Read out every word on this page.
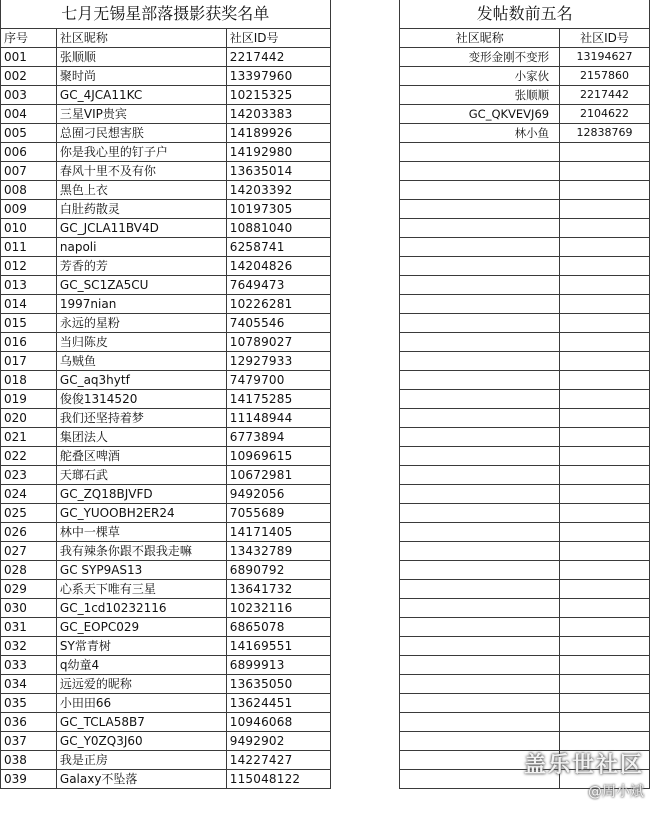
七月无锡星部落摄影获奖名单				发帖数前五名	
序号	社区昵称	社区ID号		社区昵称	社区ID号
001	张顺顺	2217442		变形金刚不变形	13194627
002	聚时尚	13397960		小家伙	2157860
003	GC_4JCA11KC	10215325		张顺顺	2217442
004	三星VIP贵宾	14203383		GC_QKVEVJ69	2104622
005	总囿刁民想害朕	14189926		林小鱼	12838769
006	你是我心里的钉子户	14192980			
007	春风十里不及有你	13635014			
008	黑色上衣	14203392			
009	白肚药散灵	10197305			
010	GC_JCLA11BV4D	10881040			
011	napoli	6258741			
012	芳香的芳	14204826			
013	GC_SC1ZA5CU	7649473			
014	1997nian	10226281			
015	永远的星粉	7405546			
016	当归陈皮	10789027			
017	乌贼鱼	12927933			
018	GC_aq3hytf	7479700			
019	俊俊1314520	14175285			
020	我们还坚持着梦	11148944			
021	集团法人	6773894			
022	舵叠区啤酒	10969615			
023	天瑯石武	10672981			
024	GC_ZQ18BJVFD	9492056			
025	GC_YUOOBH2ER24	7055689			
026	林中一棵草	14171405			
027	我有辣条你跟不跟我走嘛	13432789			
028	GC SYP9AS13	6890792			
029	心系天下唯有三星	13641732			
030	GC_1cd10232116	10232116			
031	GC_EOPC029	6865078			
032	SY常青树	14169551			
033	q幼童4	6899913			
034	远远爱的昵称	13635050			
035	小田田66	13624451			
036	GC_TCLA58B7	10946068			
037	GC_Y0ZQ3J60	9492902			
038	我是正房	14227427			
039	Galaxy不坠落	115048122			
盖乐世社区
@周小斌
